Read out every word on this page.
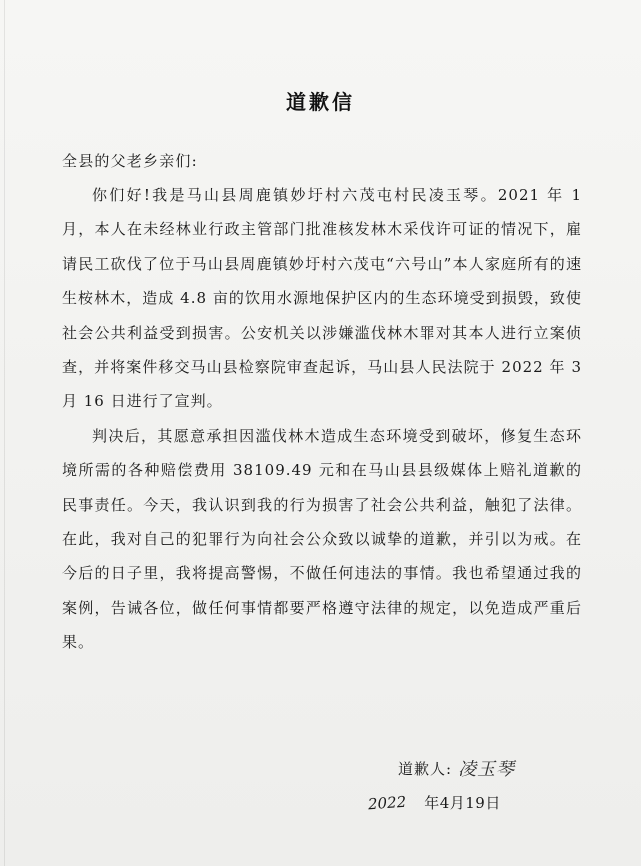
道歉信
全县的父老乡亲们:

你们好!我是马山县周鹿镇妙圩村六茂屯村民凌玉琴。2021 年 1 月，本人在未经林业行政主管部门批准核发林木采伐许可证的情况下，雇请民工砍伐了位于马山县周鹿镇妙圩村六茂屯“六号山”本人家庭所有的速生桉林木，造成 4.8 亩的饮用水源地保护区内的生态环境受到损毁，致使社会公共利益受到损害。公安机关以涉嫌滥伐林木罪对其本人进行立案侦查，并将案件移交马山县检察院审查起诉，马山县人民法院于 2022 年 3 月 16 日进行了宣判。

判决后，其愿意承担因滥伐林木造成生态环境受到破坏，修复生态环境所需的各种赔偿费用 38109.49 元和在马山县县级媒体上赔礼道歉的民事责任。今天，我认识到我的行为损害了社会公共利益，触犯了法律。在此，我对自己的犯罪行为向社会公众致以诚挚的道歉，并引以为戒。在今后的日子里，我将提高警惕，不做任何违法的事情。我也希望通过我的案例，告诫各位，做任何事情都要严格遵守法律的规定，以免造成严重后果。

道歉人: 凌玉琴
2022 年4月19日
